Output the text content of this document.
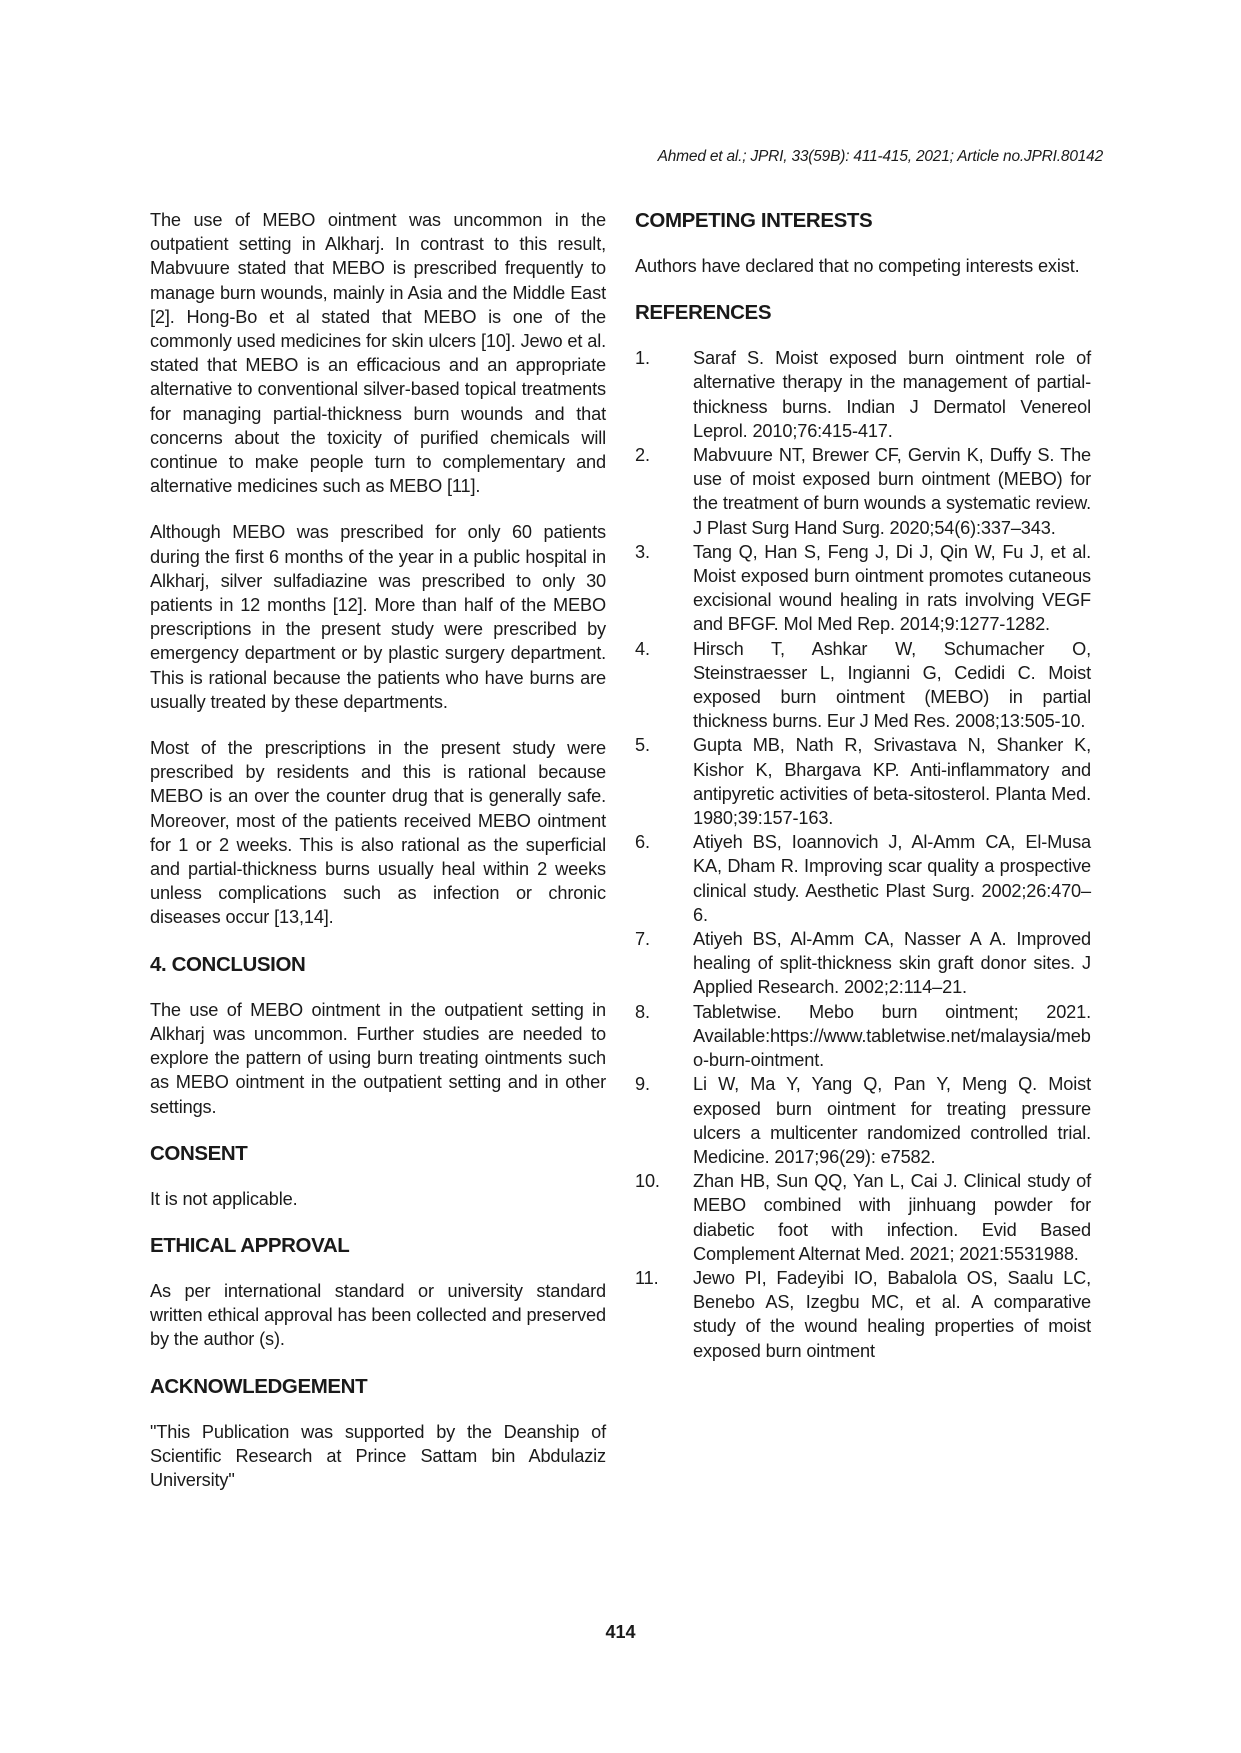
Ahmed et al.; JPRI, 33(59B): 411-415, 2021; Article no.JPRI.80142

The use of MEBO ointment was uncommon in the outpatient setting in Alkharj. In contrast to this result, Mabvuure stated that MEBO is prescribed frequently to manage burn wounds, mainly in Asia and the Middle East [2]. Hong-Bo et al stated that MEBO is one of the commonly used medicines for skin ulcers [10]. Jewo et al. stated that MEBO is an efficacious and an appropriate alternative to conventional silver-based topical treatments for managing partial-thickness burn wounds and that concerns about the toxicity of purified chemicals will continue to make people turn to complementary and alternative medicines such as MEBO [11].

Although MEBO was prescribed for only 60 patients during the first 6 months of the year in a public hospital in Alkharj, silver sulfadiazine was prescribed to only 30 patients in 12 months [12]. More than half of the MEBO prescriptions in the present study were prescribed by emergency department or by plastic surgery department. This is rational because the patients who have burns are usually treated by these departments.

Most of the prescriptions in the present study were prescribed by residents and this is rational because MEBO is an over the counter drug that is generally safe. Moreover, most of the patients received MEBO ointment for 1 or 2 weeks. This is also rational as the superficial and partial-thickness burns usually heal within 2 weeks unless complications such as infection or chronic diseases occur [13,14].

4. CONCLUSION

The use of MEBO ointment in the outpatient setting in Alkharj was uncommon. Further studies are needed to explore the pattern of using burn treating ointments such as MEBO ointment in the outpatient setting and in other settings.

CONSENT

It is not applicable.

ETHICAL APPROVAL

As per international standard or university standard written ethical approval has been collected and preserved by the author (s).

ACKNOWLEDGEMENT

"This Publication was supported by the Deanship of Scientific Research at Prince Sattam bin Abdulaziz University"

COMPETING INTERESTS

Authors have declared that no competing interests exist.

REFERENCES
1.	Saraf S. Moist exposed burn ointment role of alternative therapy in the management of partial-thickness burns. Indian J Dermatol Venereol Leprol. 2010;76:415-417.
2.	Mabvuure NT, Brewer CF, Gervin K, Duffy S. The use of moist exposed burn ointment (MEBO) for the treatment of burn wounds a systematic review. J Plast Surg Hand Surg. 2020;54(6):337–343.
3.	Tang Q, Han S, Feng J, Di J, Qin W, Fu J, et al. Moist exposed burn ointment promotes cutaneous excisional wound healing in rats involving VEGF and BFGF. Mol Med Rep. 2014;9:1277-1282.
4.	Hirsch T, Ashkar W, Schumacher O, Steinstraesser L, Ingianni G, Cedidi C. Moist exposed burn ointment (MEBO) in partial thickness burns. Eur J Med Res. 2008;13:505-10.
5.	Gupta MB, Nath R, Srivastava N, Shanker K, Kishor K, Bhargava KP. Anti-inflammatory and antipyretic activities of beta-sitosterol. Planta Med. 1980;39:157-163.
6.	Atiyeh BS, Ioannovich J, Al-Amm CA, El-Musa KA, Dham R. Improving scar quality a prospective clinical study. Aesthetic Plast Surg. 2002;26:470–6.
7.	Atiyeh BS, Al-Amm CA, Nasser A A. Improved healing of split-thickness skin graft donor sites. J Applied Research. 2002;2:114–21.
8.	Tabletwise. Mebo burn ointment; 2021. Available:https://www.tabletwise.net/malaysia/mebo-burn-ointment.
9.	Li W, Ma Y, Yang Q, Pan Y, Meng Q. Moist exposed burn ointment for treating pressure ulcers a multicenter randomized controlled trial. Medicine. 2017;96(29): e7582.
10.	Zhan HB, Sun QQ, Yan L, Cai J. Clinical study of MEBO combined with jinhuang powder for diabetic foot with infection. Evid Based Complement Alternat Med. 2021; 2021:5531988.
11.	Jewo PI, Fadeyibi IO, Babalola OS, Saalu LC, Benebo AS, Izegbu MC, et al. A comparative study of the wound healing properties of moist exposed burn ointment
414
